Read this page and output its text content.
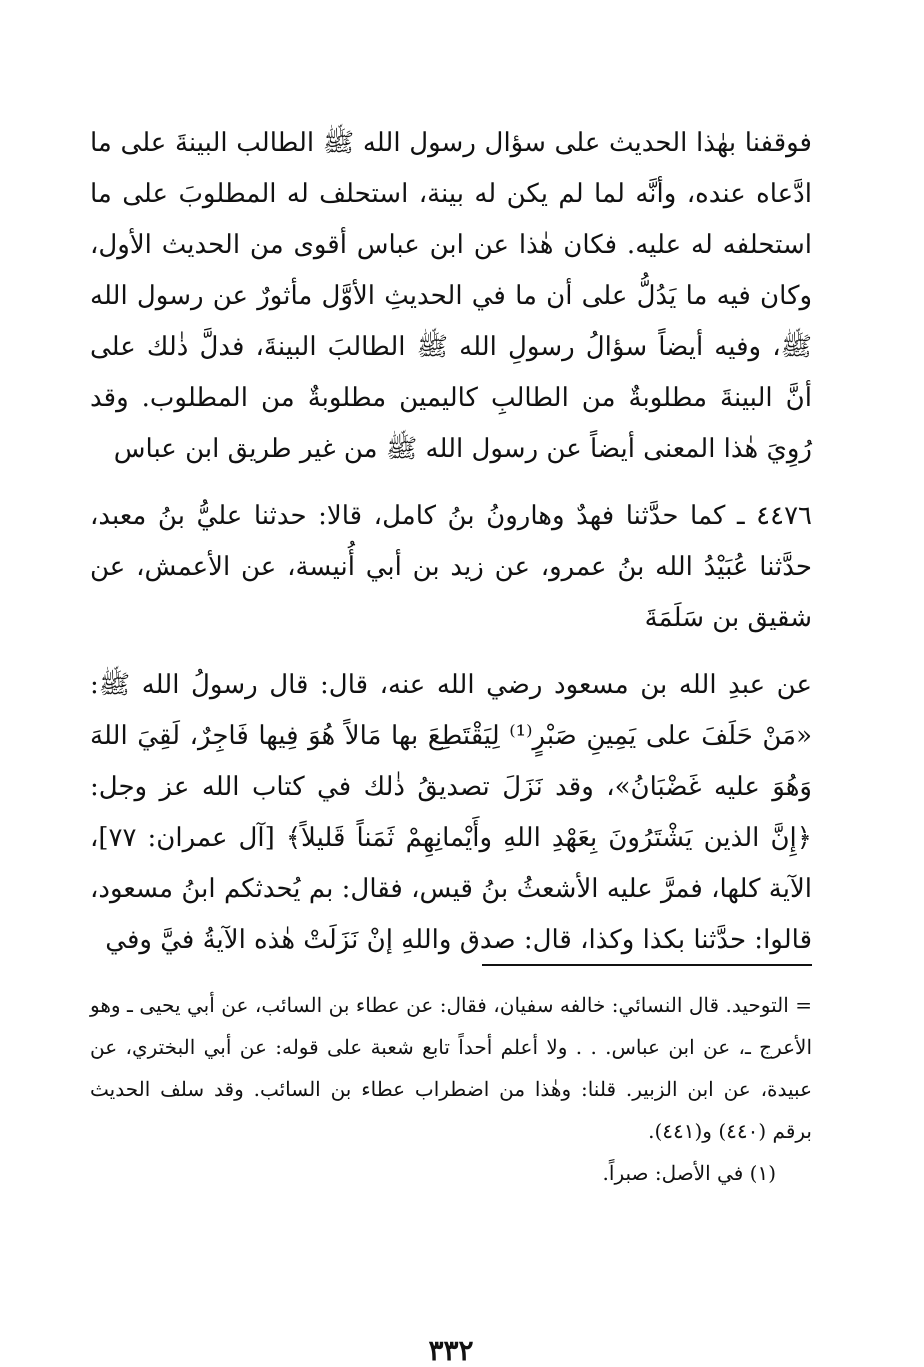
فوقفنا بهٰذا الحديث على سؤال رسول الله ﷺ الطالب البينةَ على ما ادَّعاه عنده، وأنَّه لما لم يكن له بينة، استحلف له المطلوبَ على ما استحلفه له عليه. فكان هٰذا عن ابن عباس أقوى من الحديث الأول، وكان فيه ما يَدُلُّ على أن ما في الحديثِ الأوَّل مأثورٌ عن رسول الله ﷺ، وفيه أيضاً سؤالُ رسولِ الله ﷺ الطالبَ البينةَ، فدلَّ ذٰلك على أنَّ البينةَ مطلوبةٌ من الطالبِ كاليمين مطلوبةٌ من المطلوب. وقد رُوِيَ هٰذا المعنى أيضاً عن رسول الله ﷺ من غير طريق ابن عباس

٤٤٧٦ ـ كما حدَّثنا فهدٌ وهارونُ بنُ كامل، قالا: حدثنا عليُّ بنُ معبد، حدَّثنا عُبَيْدُ الله بنُ عمرو، عن زيد بن أبي أُنيسة، عن الأعمش، عن شقيق بن سَلَمَةَ

عن عبدِ الله بن مسعود رضي الله عنه، قال: قال رسولُ الله ﷺ: «مَنْ حَلَفَ على يَمِينِ صَبْرٍ⁽¹⁾ لِيَقْتَطِعَ بها مَالاً هُوَ فِيها فَاجِرٌ، لَقِيَ اللهَ وَهُوَ عليه غَضْبَانُ»، وقد نَزَلَ تصديقُ ذٰلك في كتاب الله عز وجل: ﴿إِنَّ الذين يَشْتَرُونَ بِعَهْدِ اللهِ وأَيْمانِهِمْ ثَمَناً قَليلاً﴾ [آل عمران: ٧٧]، الآية كلها، فمرَّ عليه الأشعثُ بنُ قيس، فقال: بم يُحدثكم ابنُ مسعود، قالوا: حدَّثنا بكذا وكذا، قال: صدق واللهِ إنْ نَزَلَتْ هٰذه الآيةُ فيَّ وفي

= التوحيد. قال النسائي: خالفه سفيان، فقال: عن عطاء بن السائب، عن أبي يحيى ـ وهو الأعرج ـ، عن ابن عباس. . . ولا أعلم أحداً تابع شعبة على قوله: عن أبي البختري، عن عبيدة، عن ابن الزبير. قلنا: وهٰذا من اضطراب عطاء بن السائب. وقد سلف الحديث برقم (٤٤٠) و(٤٤١).

(١) في الأصل: صبراً.

٣٣٢
